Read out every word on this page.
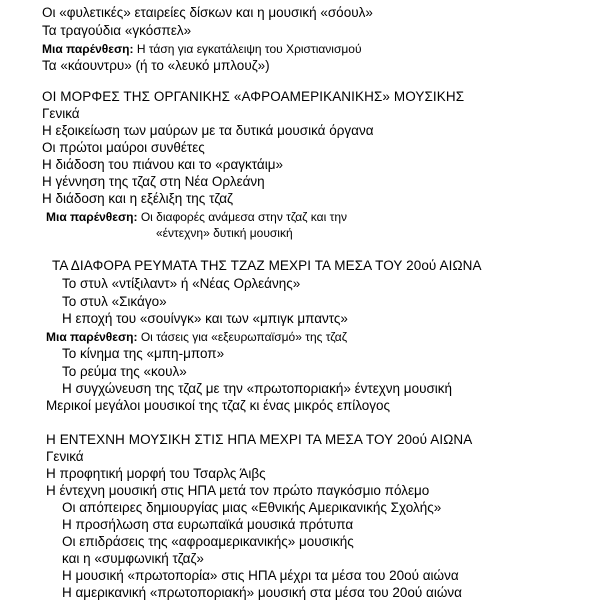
Οι «φυλετικές» εταιρείες δίσκων και η μουσική «σόουλ»
Τα τραγούδια «γκόσπελ»
Μια παρένθεση: Η τάση για εγκατάλειψη του Χριστιανισμού
Τα «κάουντρυ» (ή το «λευκό μπλουζ»)
ΟΙ ΜΟΡΦΕΣ ΤΗΣ ΟΡΓΑΝΙΚΗΣ «ΑΦΡΟΑΜΕΡΙΚΑΝΙΚΗΣ» ΜΟΥΣΙΚΗΣ
Γενικά
Η εξοικείωση των μαύρων με τα δυτικά μουσικά όργανα
Οι πρώτοι μαύροι συνθέτες
Η διάδοση του πιάνου και το «ραγκτάιμ»
Η γέννηση της τζαζ στη Νέα Ορλεάνη
Η διάδοση και η εξέλιξη της τζαζ
Μια παρένθεση: Οι διαφορές ανάμεσα στην τζαζ και την
«έντεχνη» δυτική μουσική
ΤΑ ΔΙΑΦΟΡΑ ΡΕΥΜΑΤΑ ΤΗΣ ΤΖΑΖ ΜΕΧΡΙ ΤΑ ΜΕΣΑ ΤΟΥ 20ού ΑΙΩΝΑ
Το στυλ «ντίξιλαντ» ή «Νέας Ορλεάνης»
Το στυλ «Σικάγο»
Η εποχή του «σουίνγκ» και των «μπιγκ μπαντς»
Μια παρένθεση: Οι τάσεις για «εξευρωπαϊσμό» της τζαζ
Το κίνημα της «μπη-μποπ»
Το ρεύμα της «κουλ»
Η συγχώνευση της τζαζ με την «πρωτοποριακή» έντεχνη μουσική
Μερικοί μεγάλοι μουσικοί της τζαζ κι ένας μικρός επίλογος
Η ΕΝΤΕΧΝΗ ΜΟΥΣΙΚΗ ΣΤΙΣ ΗΠΑ ΜΕΧΡΙ ΤΑ ΜΕΣΑ ΤΟΥ 20ού ΑΙΩΝΑ
Γενικά
Η προφητική μορφή του Τσαρλς Άιβς
Η έντεχνη μουσική στις ΗΠΑ μετά τον πρώτο παγκόσμιο πόλεμο
Οι απόπειρες δημιουργίας μιας «Εθνικής Αμερικανικής Σχολής»
Η προσήλωση στα ευρωπαϊκά μουσικά πρότυπα
Οι επιδράσεις της «αφροαμερικανικής» μουσικής
και η «συμφωνική τζαζ»
Η μουσική «πρωτοπορία» στις ΗΠΑ μέχρι τα μέσα του 20ού αιώνα
Η αμερικανική «πρωτοποριακή» μουσική στα μέσα του 20ού αιώνα
